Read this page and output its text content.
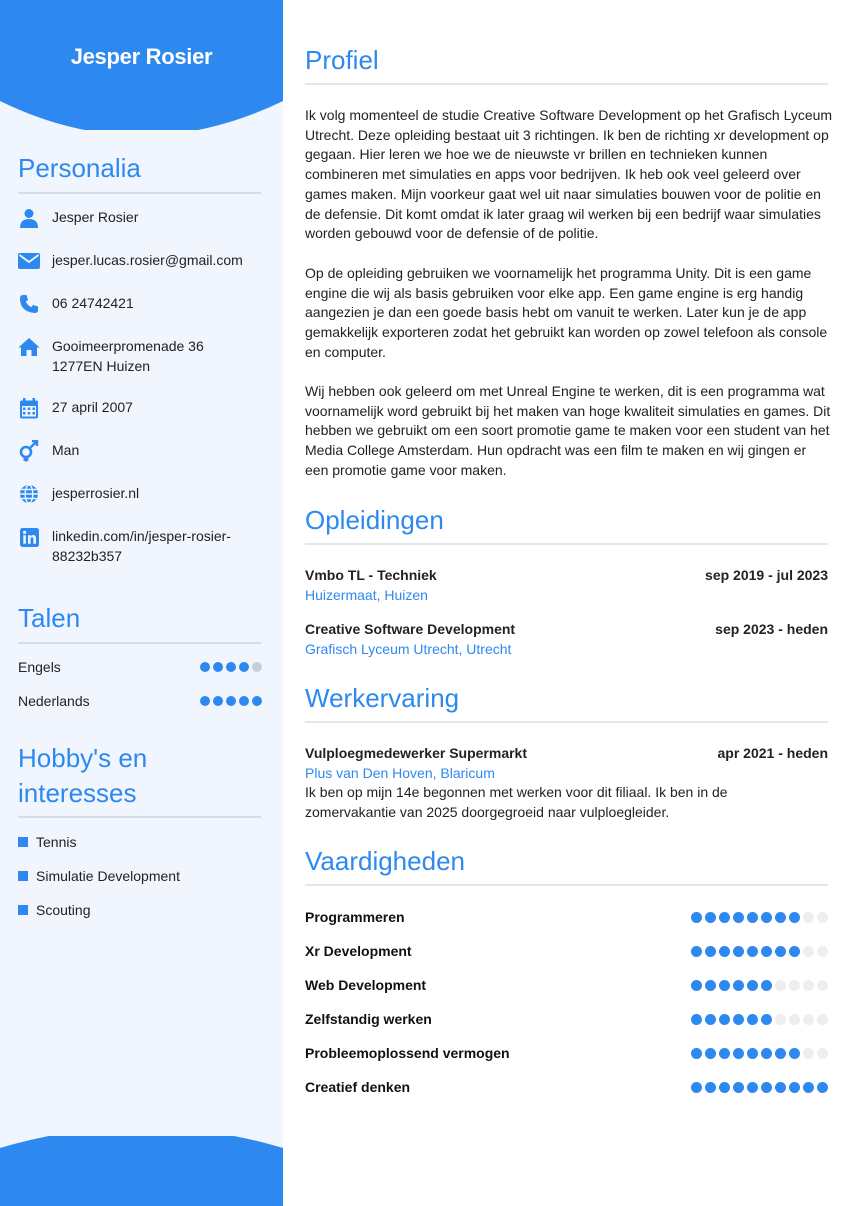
Jesper Rosier
Personalia
Jesper Rosier
jesper.lucas.rosier@gmail.com
06 24742421
Gooimeerpromenade 36
1277EN Huizen
27 april 2007
Man
jesperrosier.nl
linkedin.com/in/jesper-rosier-
88232b357
Talen
Engels
Nederlands
Hobby's en
interesses
Tennis
Simulatie Development
Scouting
Profiel
Ik volg momenteel de studie Creative Software Development op het Grafisch Lyceum Utrecht. Deze opleiding bestaat uit 3 richtingen. Ik ben de richting xr development op gegaan. Hier leren we hoe we de nieuwste vr brillen en technieken kunnen combineren met simulaties en apps voor bedrijven. Ik heb ook veel geleerd over games maken. Mijn voorkeur gaat wel uit naar simulaties bouwen voor de politie en de defensie. Dit komt omdat ik later graag wil werken bij een bedrijf waar simulaties worden gebouwd voor de defensie of de politie.
Op de opleiding gebruiken we voornamelijk het programma Unity. Dit is een game engine die wij als basis gebruiken voor elke app. Een game engine is erg handig aangezien je dan een goede basis hebt om vanuit te werken. Later kun je de app gemakkelijk exporteren zodat het gebruikt kan worden op zowel telefoon als console en computer.
Wij hebben ook geleerd om met Unreal Engine te werken, dit is een programma wat voornamelijk word gebruikt bij het maken van hoge kwaliteit simulaties en games. Dit hebben we gebruikt om een soort promotie game te maken voor een student van het Media College Amsterdam. Hun opdracht was een film te maken en wij gingen er een promotie game voor maken.
Opleidingen
Vmbo TL - Techniek	sep 2019 - jul 2023
Huizermaat, Huizen
Creative Software Development	sep 2023 - heden
Grafisch Lyceum Utrecht, Utrecht
Werkervaring
Vulploegmedewerker Supermarkt	apr 2021 - heden
Plus van Den Hoven, Blaricum
Ik ben op mijn 14e begonnen met werken voor dit filiaal. Ik ben in de zomervakantie van 2025 doorgegroeid naar vulploegleider.
Vaardigheden
Programmeren
Xr Development
Web Development
Zelfstandig werken
Probleemoplossend vermogen
Creatief denken
